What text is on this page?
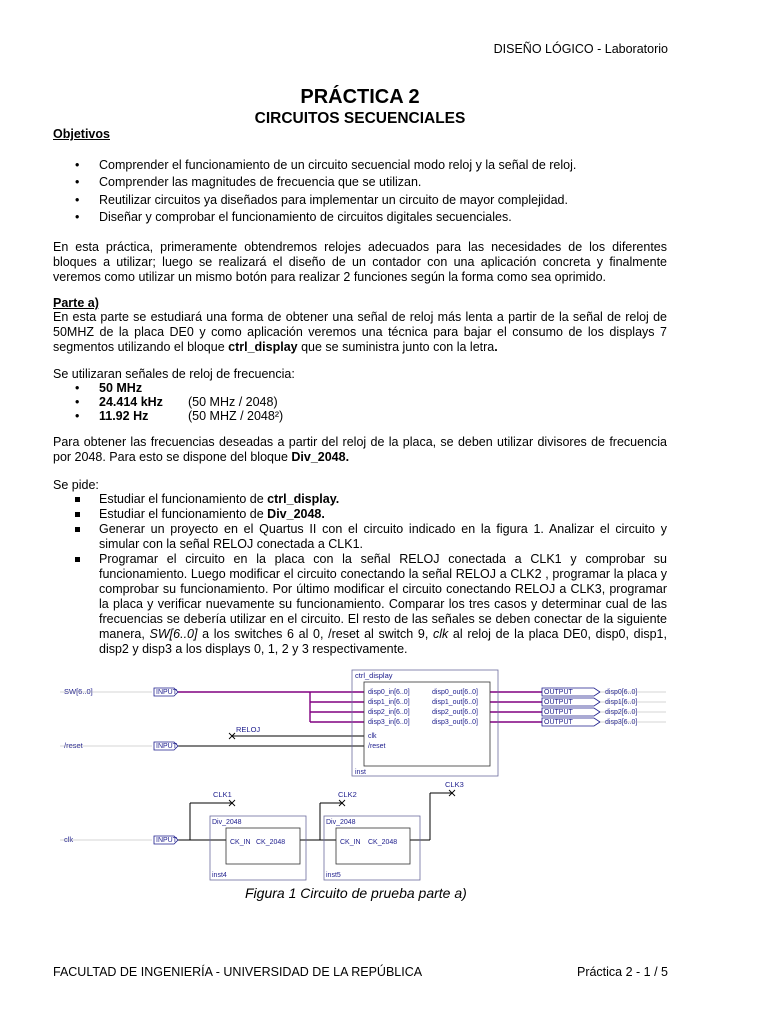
DISEÑO LÓGICO - Laboratorio
PRÁCTICA 2
CIRCUITOS SECUENCIALES
Objetivos
• Comprender el funcionamiento de un circuito secuencial modo reloj y la señal de reloj.
• Comprender las magnitudes de frecuencia que se utilizan.
• Reutilizar circuitos ya diseñados para implementar un circuito de mayor complejidad.
• Diseñar y comprobar el funcionamiento de circuitos digitales secuenciales.
En esta práctica, primeramente obtendremos relojes adecuados para las necesidades de los diferentes bloques a utilizar; luego se realizará el diseño de un contador con una aplicación concreta y finalmente veremos como utilizar un mismo botón para realizar 2 funciones según la forma como sea oprimido.
Parte a)
En esta parte se estudiará una forma de obtener una señal de reloj más lenta a partir de la señal de reloj de 50MHZ de la placa DE0 y como aplicación veremos una técnica para bajar el consumo de los displays 7 segmentos utilizando el bloque ctrl_display que se suministra junto con la letra.
Se utilizaran señales de reloj de frecuencia:
• 50 MHz
• 24.414 kHz (50 MHz / 2048)
• 11.92 Hz	(50 MHZ / 2048²)
Para obtener las frecuencias deseadas a partir del reloj de la placa, se deben utilizar divisores de frecuencia por 2048. Para esto se dispone del bloque Div_2048.
Se pide:
Estudiar el funcionamiento de ctrl_display.
Estudiar el funcionamiento de Div_2048.
Generar un proyecto en el Quartus II con el circuito indicado en la figura 1. Analizar el circuito y simular con la señal RELOJ conectada a CLK1.
Programar el circuito en la placa con la señal RELOJ conectada a CLK1 y comprobar su funcionamiento. Luego modificar el circuito conectando la señal RELOJ a CLK2 , programar la placa y comprobar su funcionamiento. Por último modificar el circuito conectando RELOJ a CLK3, programar la placa y verificar nuevamente su funcionamiento. Comparar los tres casos y determinar cual de las frecuencias se debería utilizar en el circuito. El resto de las señales se deben conectar de la siguiente manera, SW[6..0] a los switches 6 al 0, /reset al switch 9, clk al reloj de la placa DE0, disp0, disp1, disp2 y disp3 a los displays 0, 1, 2 y 3 respectivamente.
INPUT
INPUT
INPUT
SW[6..0]
/reset
clk
ctrl_display
inst
disp0_in[6..0]
disp1_in[6..0]
disp2_in[6..0]
disp3_in[6..0]
clk
/reset
disp0_out[6..0]
disp1_out[6..0]
disp2_out[6..0]
disp3_out[6..0]
OUTPUT
OUTPUT
OUTPUT
OUTPUT
disp0[6..0]
disp1[6..0]
disp2[6..0]
disp3[6..0]
RELOJ
CLK1	CLK2
CLK3
Div_2048
CK_IN CK_2048
inst4
Div_2048
CK_IN CK_2048
inst5
Figura 1 Circuito de prueba parte a)
FACULTAD DE INGENIERÍA - UNIVERSIDAD DE LA REPÚBLICA	Práctica 2 - 1 / 5
